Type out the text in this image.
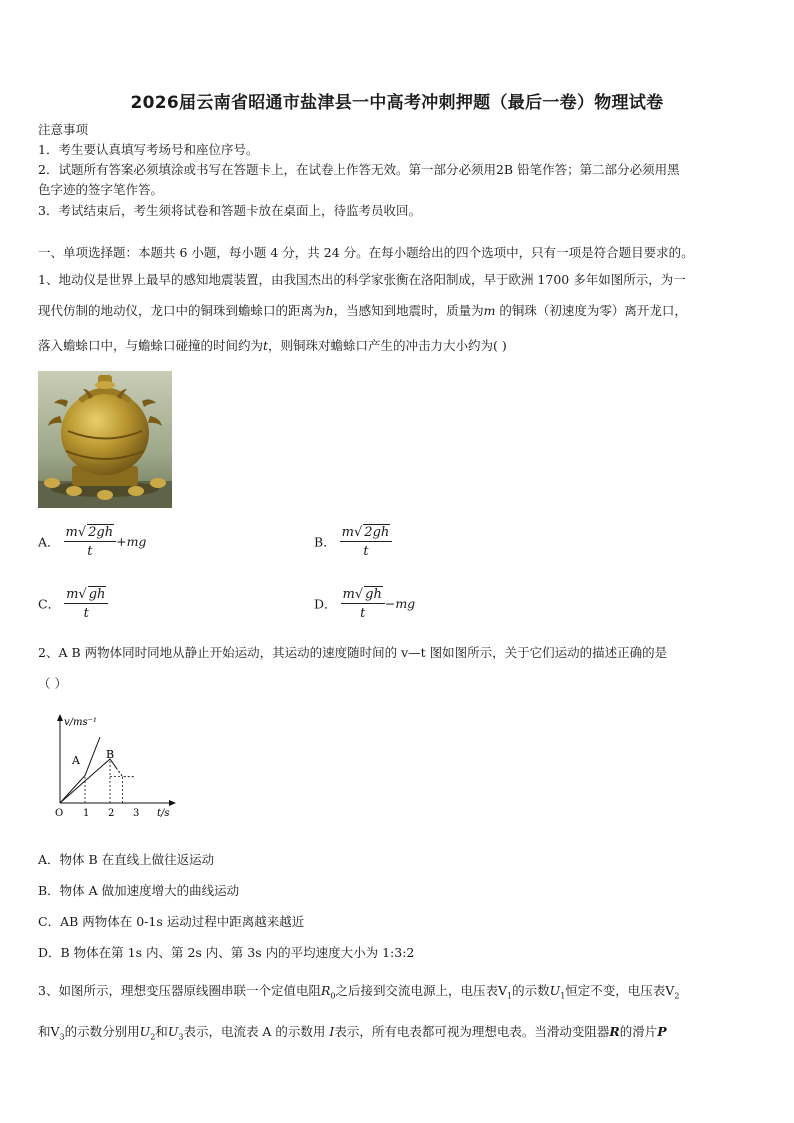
2026届云南省昭通市盐津县一中高考冲刺押题（最后一卷）物理试卷
注意事项
1．考生要认真填写考场号和座位序号。
2．试题所有答案必须填涂或书写在答题卡上，在试卷上作答无效。第一部分必须用2B 铅笔作答；第二部分必须用黑
色字迹的签字笔作答。
3．考试结束后，考生须将试卷和答题卡放在桌面上，待监考员收回。
一、单项选择题：本题共 6 小题，每小题 4 分，共 24 分。在每小题给出的四个选项中，只有一项是符合题目要求的。
1、地动仪是世界上最早的感知地震装置，由我国杰出的科学家张衡在洛阳制成，早于欧洲 1700 多年如图所示，为一
现代仿制的地动仪，龙口中的铜珠到蟾蜍口的距离为h，当感知到地震时，质量为m 的铜珠（初速度为零）离开龙口，
落入蟾蜍口中，与蟾蜍口碰撞的时间约为t，则铜珠对蟾蜍口产生的冲击力大小约为( )
A． $\frac{m√ 2gh}{t} +mg$	B． $\frac{m√ 2gh}{t}$
C． $\frac{m√ gh}{t}$	D． $\frac{m√ gh}{t} -mg$
2、A B 两物体同时同地从静止开始运动，其运动的速度随时间的 v—t 图如图所示，关于它们运动的描述正确的是
（ ）
v/ms⁻¹
t/s
O 1 2 3
A B
A．物体 B 在直线上做往返运动
B．物体 A 做加速度增大的曲线运动
C．AB 两物体在 0-1s 运动过程中距离越来越近
D．B 物体在第 1s 内、第 2s 内、第 3s 内的平均速度大小为 1:3:2
3、如图所示，理想变压器原线圈串联一个定值电阻$R_0$之后接到交流电源上，电压表$V_1$的示数$U_1$恒定不变，电压表$V_2$
和$V_3$的示数分别用$U_2$和$U_3$表示，电流表 A 的示数用 I表示，所有电表都可视为理想电表。当滑动变阻器R的滑片P
